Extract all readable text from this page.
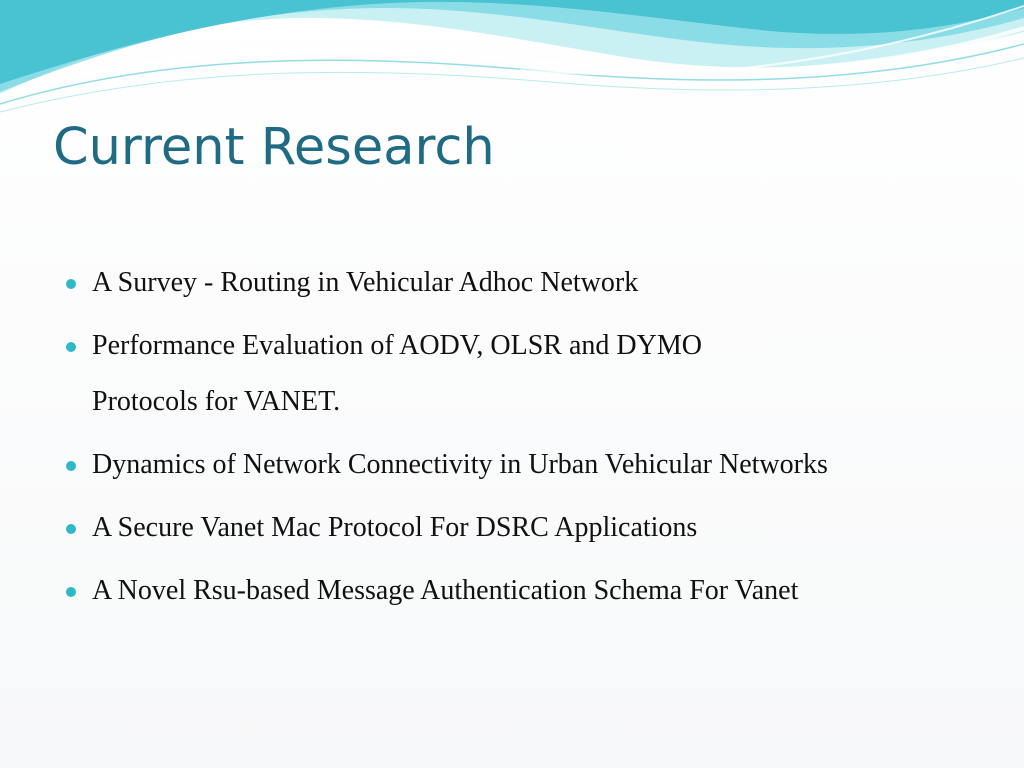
Current Research
A Survey - Routing in Vehicular Adhoc Network
Performance Evaluation of AODV, OLSR and DYMO Protocols for VANET.
Dynamics of Network Connectivity in Urban Vehicular Networks
A Secure Vanet Mac Protocol For DSRC Applications
A Novel Rsu-based Message Authentication Schema For Vanet
